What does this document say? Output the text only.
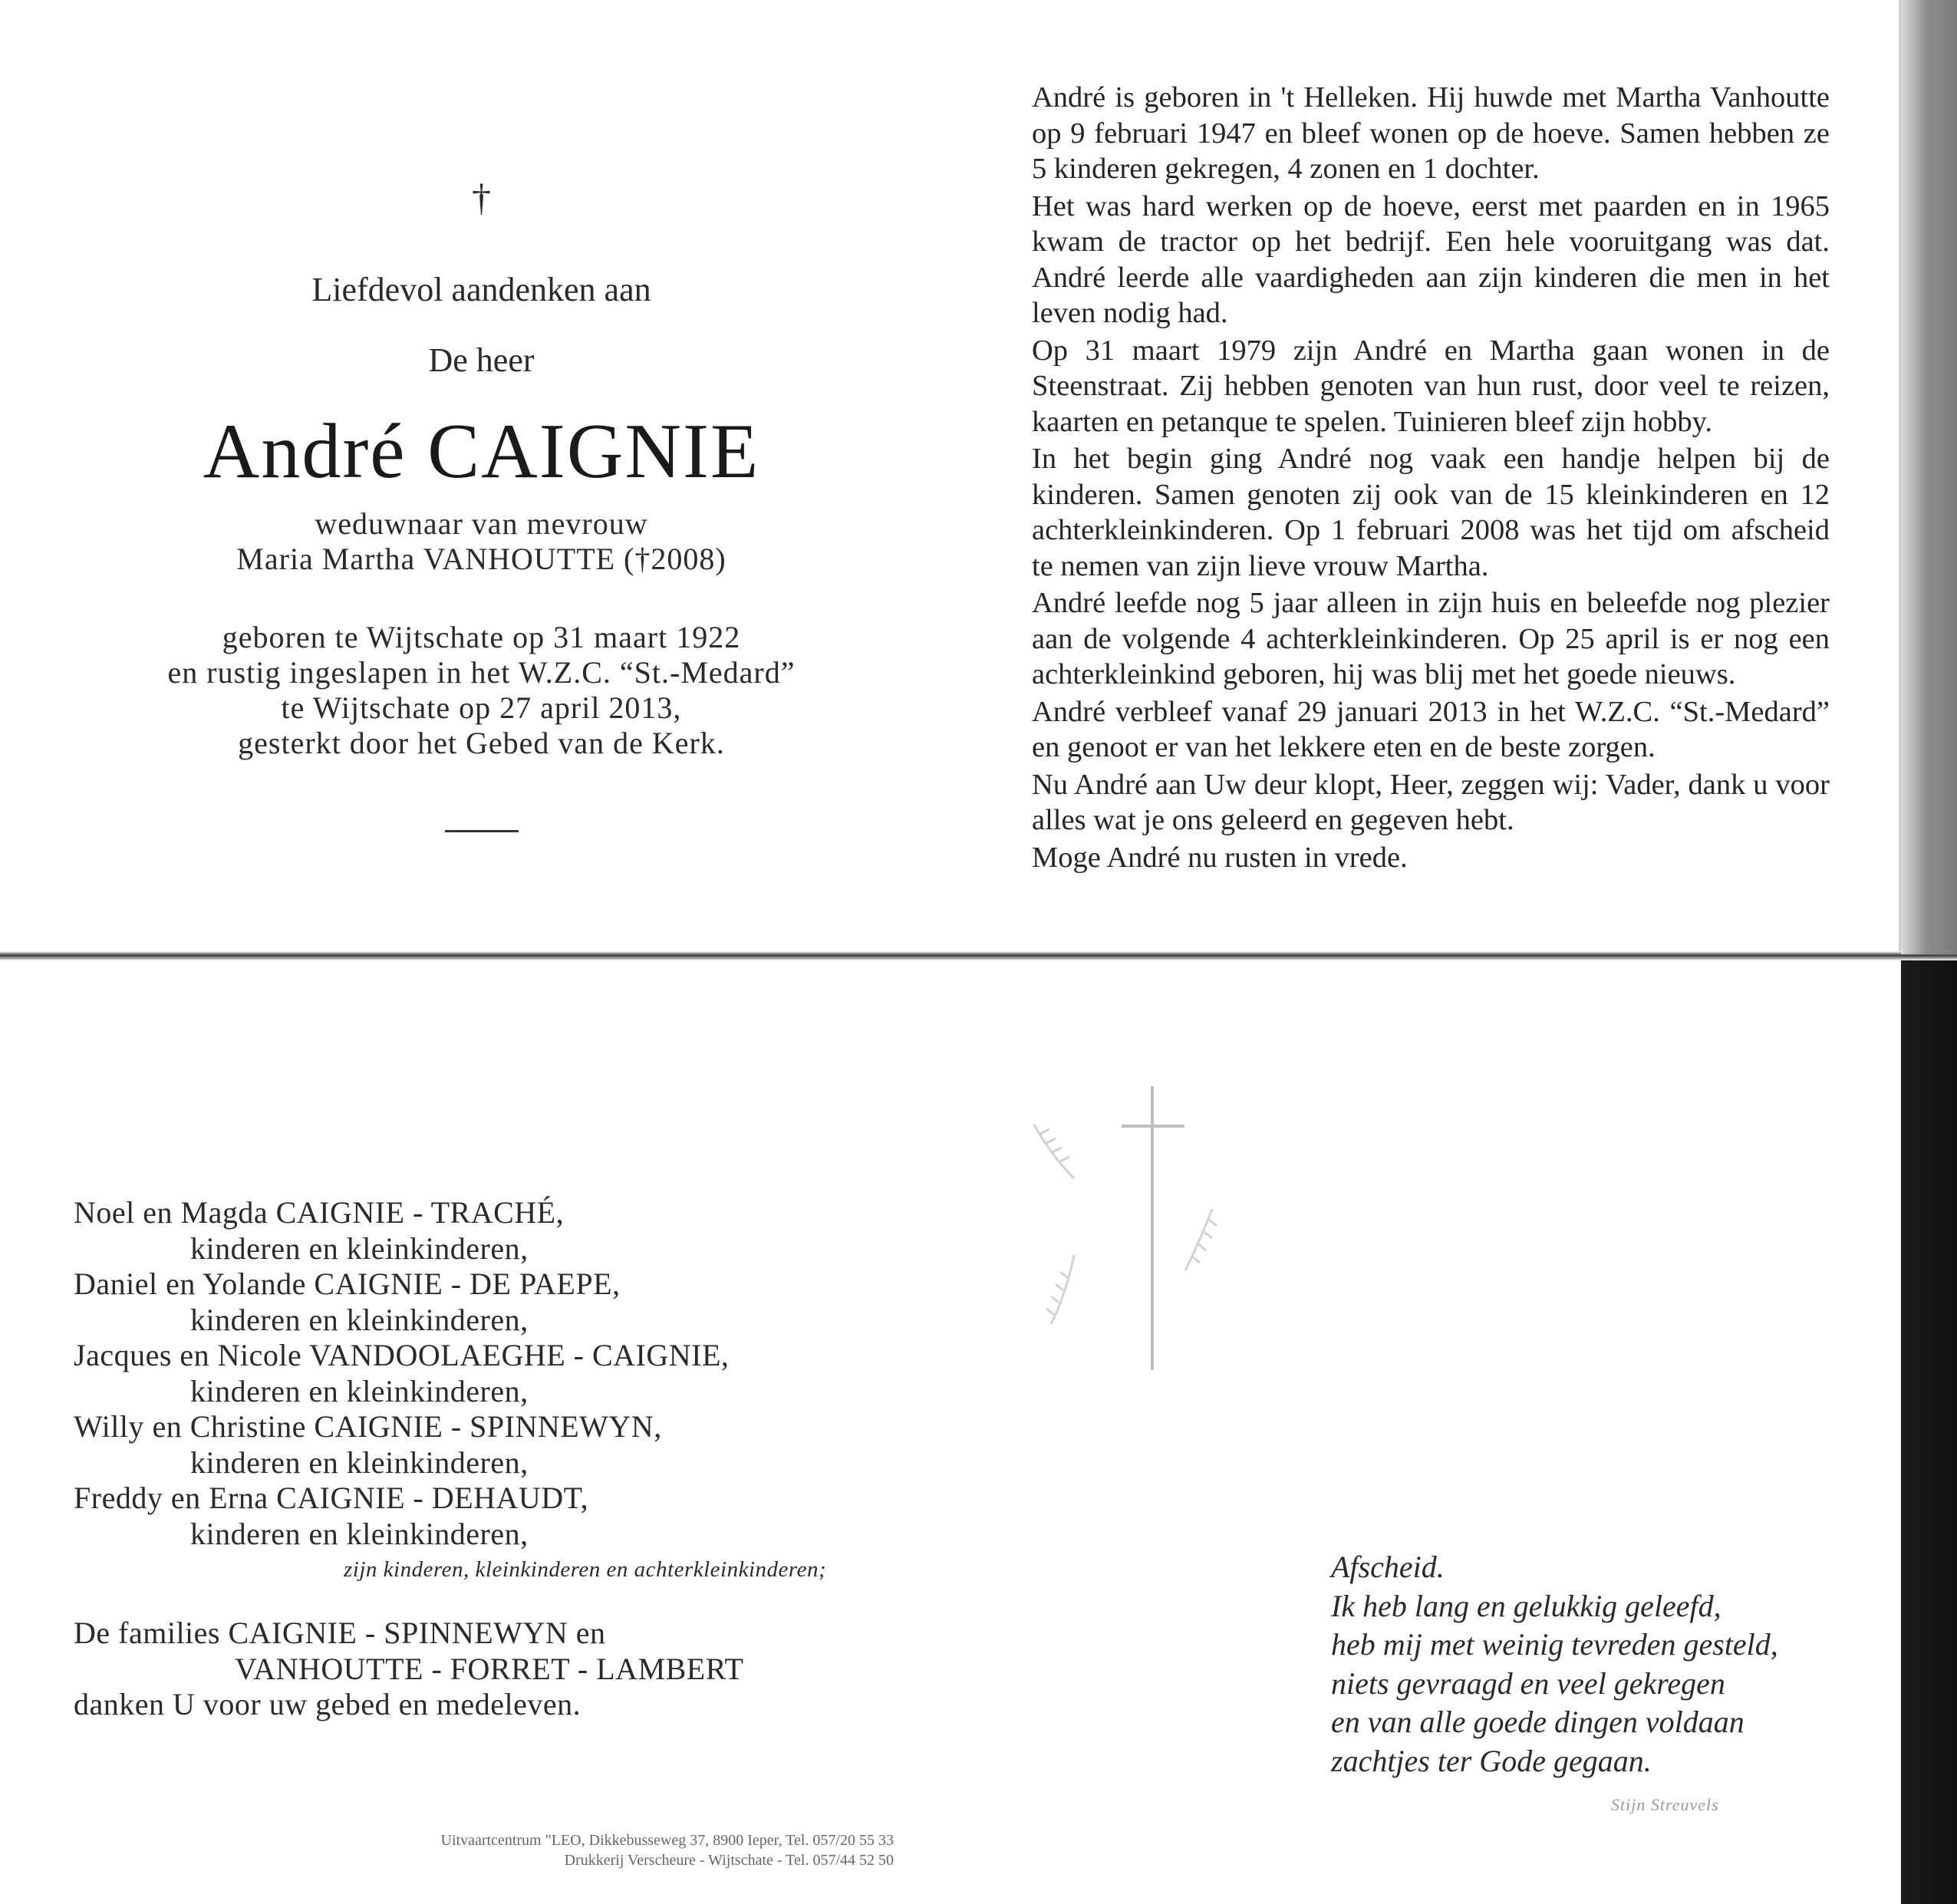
†
Liefdevol aandenken aan
De heer
André CAIGNIE
weduwnaar van mevrouw
Maria Martha VANHOUTTE (†2008)
geboren te Wijtschate op 31 maart 1922
en rustig ingeslapen in het W.Z.C. “St.-Medard”
te Wijtschate op 27 april 2013,
gesterkt door het Gebed van de Kerk.

André is geboren in 't Helleken. Hij huwde met Martha Vanhoutte op 9 februari 1947 en bleef wonen op de hoeve. Samen hebben ze 5 kinderen gekregen, 4 zonen en 1 dochter.

Het was hard werken op de hoeve, eerst met paarden en in 1965 kwam de tractor op het bedrijf. Een hele vooruitgang was dat. André leerde alle vaardigheden aan zijn kinderen die men in het leven nodig had.

Op 31 maart 1979 zijn André en Martha gaan wonen in de Steenstraat. Zij hebben genoten van hun rust, door veel te reizen, kaarten en petanque te spelen. Tuinieren bleef zijn hobby.

In het begin ging André nog vaak een handje helpen bij de kinderen. Samen genoten zij ook van de 15 kleinkinderen en 12 achterkleinkinderen. Op 1 februari 2008 was het tijd om afscheid te nemen van zijn lieve vrouw Martha.

André leefde nog 5 jaar alleen in zijn huis en beleefde nog plezier aan de volgende 4 achterkleinkinderen. Op 25 april is er nog een achterkleinkind geboren, hij was blij met het goede nieuws.

André verbleef vanaf 29 januari 2013 in het W.Z.C. “St.-Medard” en genoot er van het lekkere eten en de beste zorgen.

Nu André aan Uw deur klopt, Heer, zeggen wij: Vader, dank u voor alles wat je ons geleerd en gegeven hebt.

Moge André nu rusten in vrede.

Noel en Magda CAIGNIE - TRACHÉ,
kinderen en kleinkinderen,
Daniel en Yolande CAIGNIE - DE PAEPE,
kinderen en kleinkinderen,
Jacques en Nicole VANDOOLAEGHE - CAIGNIE,
kinderen en kleinkinderen,
Willy en Christine CAIGNIE - SPINNEWYN,
kinderen en kleinkinderen,
Freddy en Erna CAIGNIE - DEHAUDT,
kinderen en kleinkinderen,
zijn kinderen, kleinkinderen en achterkleinkinderen;
De families CAIGNIE - SPINNEWYN en
VANHOUTTE - FORRET - LAMBERT
danken U voor uw gebed en medeleven.
Uitvaartcentrum "LEO, Dikkebusseweg 37, 8900 Ieper, Tel. 057/20 55 33
Drukkerij Verscheure - Wijtschate - Tel. 057/44 52 50
Afscheid.
Ik heb lang en gelukkig geleefd,
heb mij met weinig tevreden gesteld,
niets gevraagd en veel gekregen
en van alle goede dingen voldaan
zachtjes ter Gode gegaan.
Stijn Streuvels
